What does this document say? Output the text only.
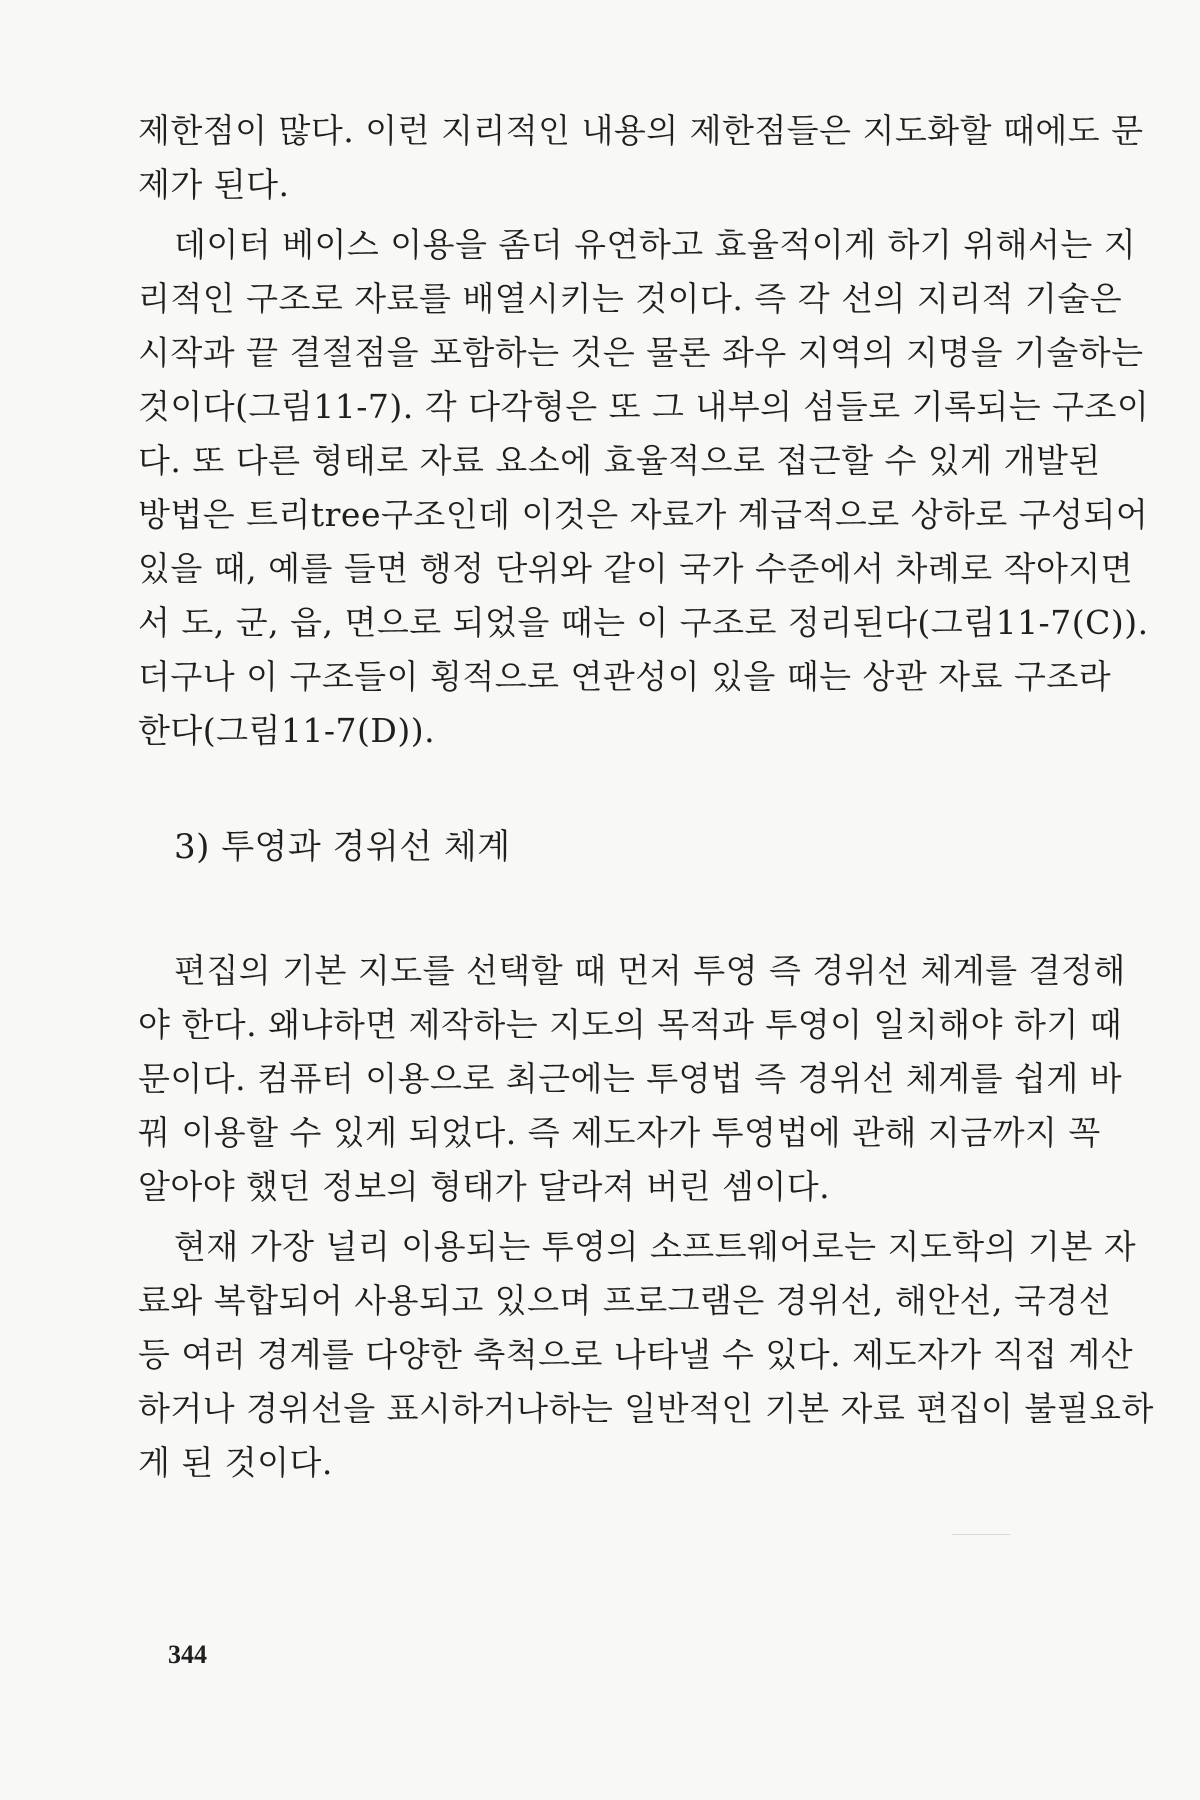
제한점이 많다. 이런 지리적인 내용의 제한점들은 지도화할 때에도 문
제가 된다.
데이터 베이스 이용을 좀더 유연하고 효율적이게 하기 위해서는 지
리적인 구조로 자료를 배열시키는 것이다. 즉 각 선의 지리적 기술은
시작과 끝 결절점을 포함하는 것은 물론 좌우 지역의 지명을 기술하는
것이다(그림11-7). 각 다각형은 또 그 내부의 섬들로 기록되는 구조이
다. 또 다른 형태로 자료 요소에 효율적으로 접근할 수 있게 개발된
방법은 트리tree구조인데 이것은 자료가 계급적으로 상하로 구성되어
있을 때, 예를 들면 행정 단위와 같이 국가 수준에서 차례로 작아지면
서 도, 군, 읍, 면으로 되었을 때는 이 구조로 정리된다(그림11-7(C)).
더구나 이 구조들이 횡적으로 연관성이 있을 때는 상관 자료 구조라
한다(그림11-7(D)).
3) 투영과 경위선 체계
편집의 기본 지도를 선택할 때 먼저 투영 즉 경위선 체계를 결정해
야 한다. 왜냐하면 제작하는 지도의 목적과 투영이 일치해야 하기 때
문이다. 컴퓨터 이용으로 최근에는 투영법 즉 경위선 체계를 쉽게 바
꿔 이용할 수 있게 되었다. 즉 제도자가 투영법에 관해 지금까지 꼭
알아야 했던 정보의 형태가 달라져 버린 셈이다.
현재 가장 널리 이용되는 투영의 소프트웨어로는 지도학의 기본 자
료와 복합되어 사용되고 있으며 프로그램은 경위선, 해안선, 국경선
등 여러 경계를 다양한 축척으로 나타낼 수 있다. 제도자가 직접 계산
하거나 경위선을 표시하거나하는 일반적인 기본 자료 편집이 불필요하
게 된 것이다.
344
